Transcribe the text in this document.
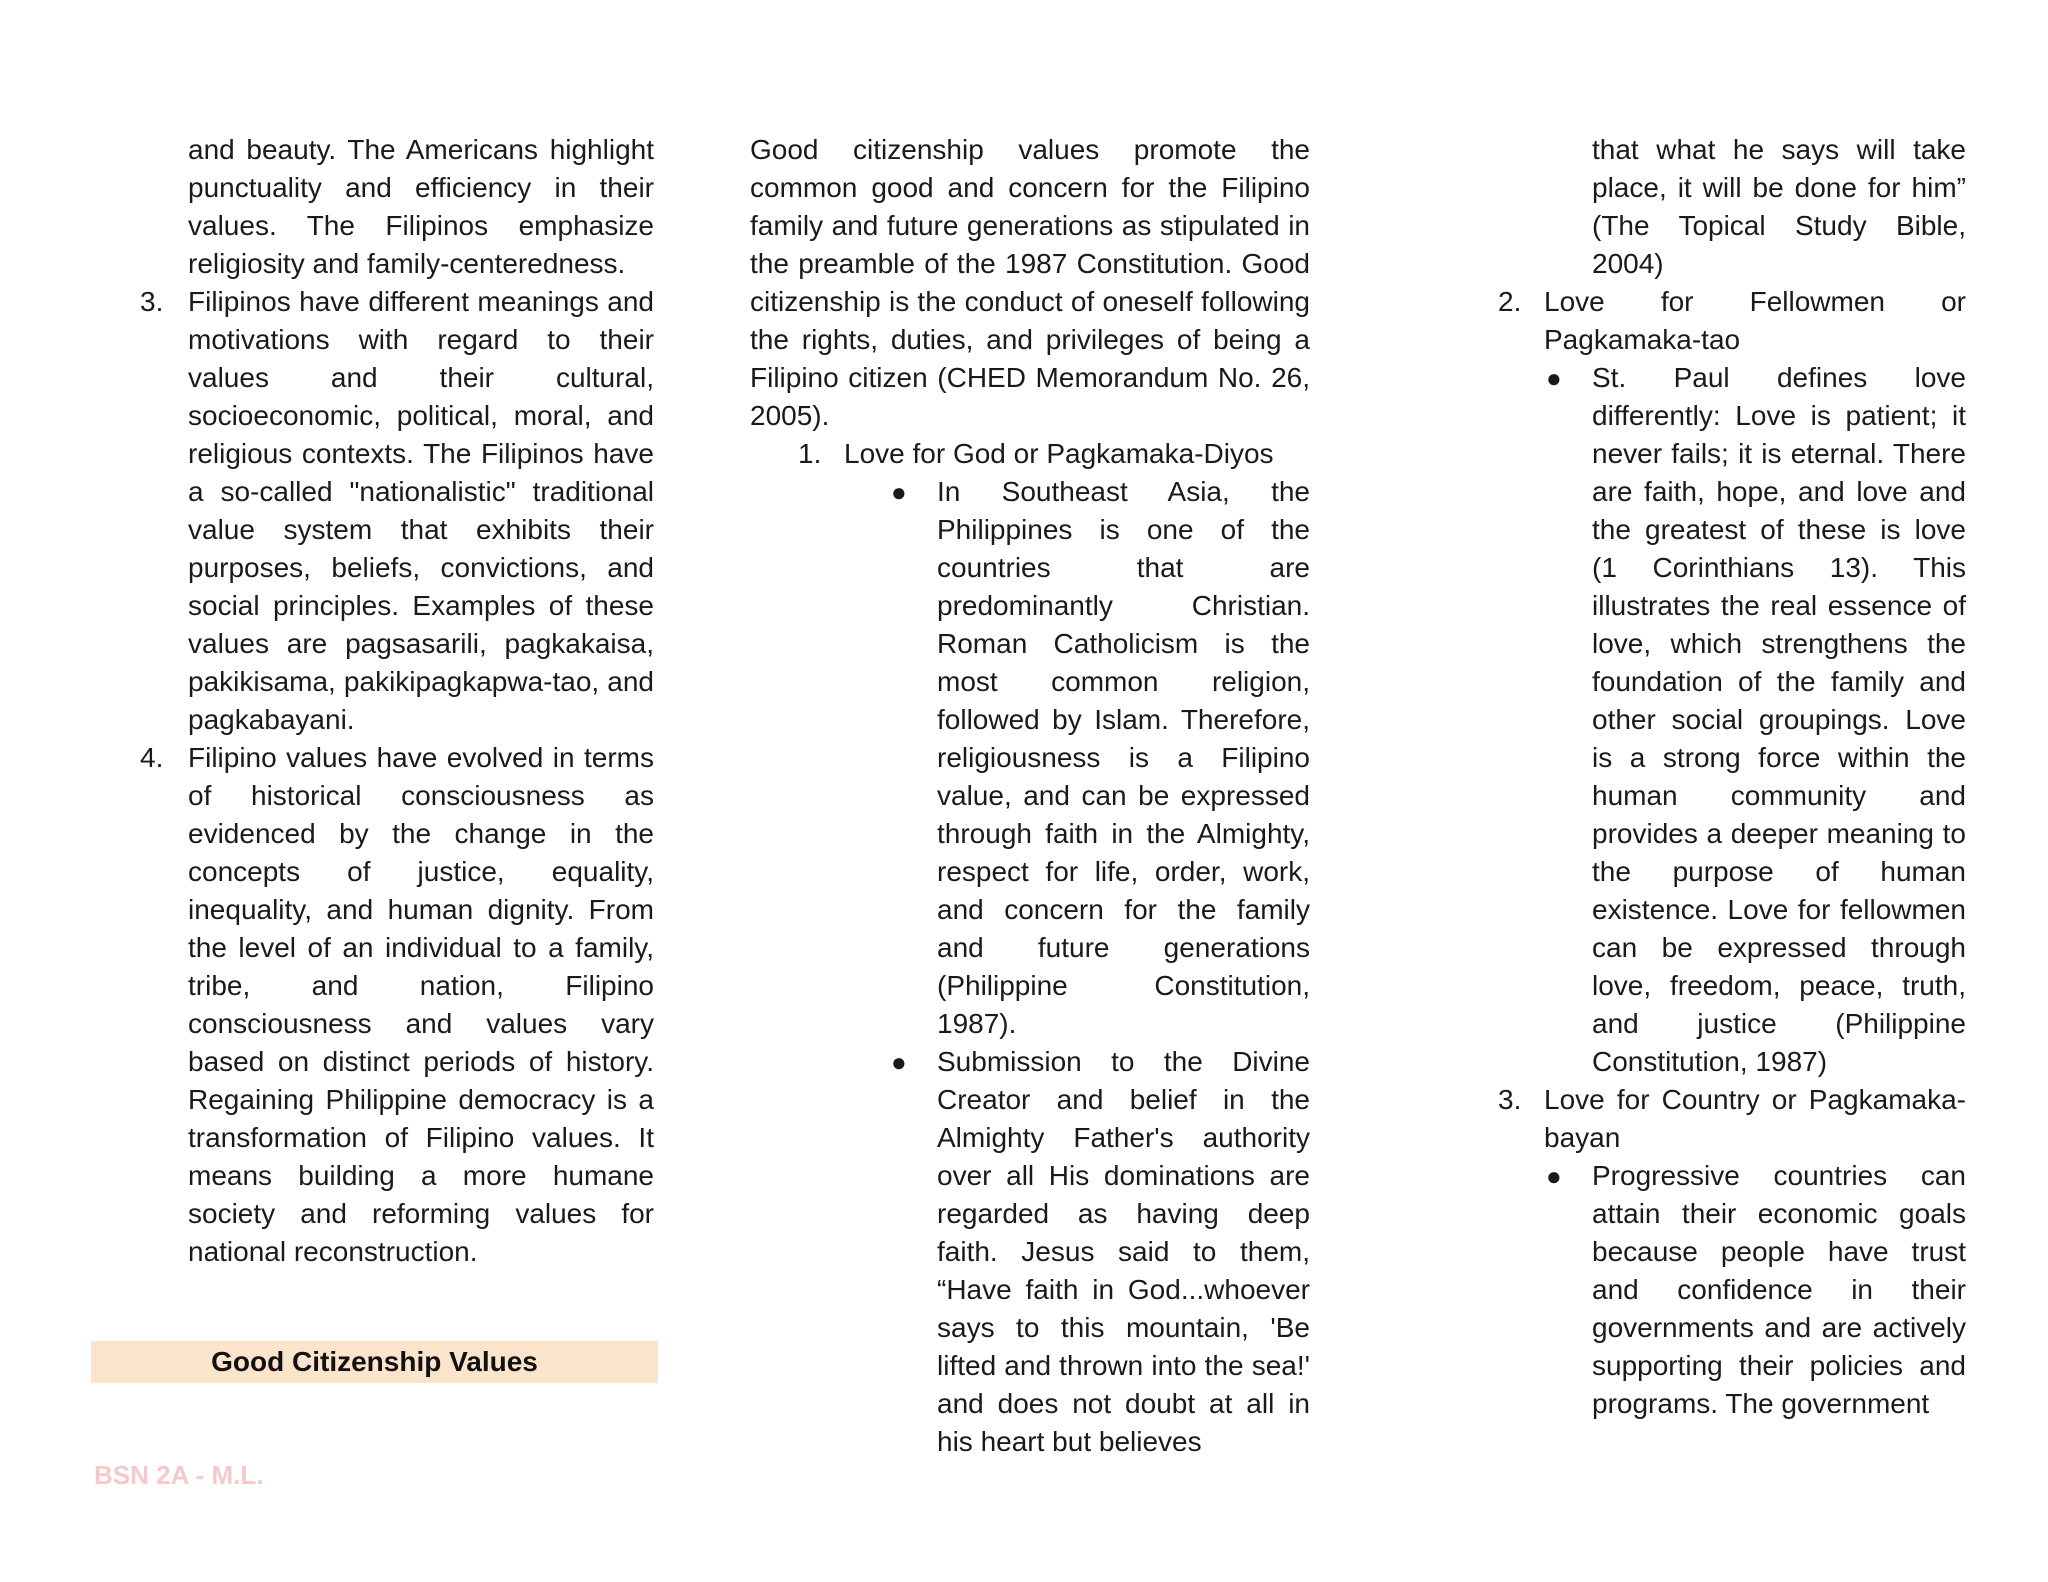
and beauty. The Americans highlight punctuality and efficiency in their values. The Filipinos emphasize religiosity and family-centeredness.

3. Filipinos have different meanings and motivations with regard to their values and their cultural, socioeconomic, political, moral, and religious contexts. The Filipinos have a so-called "nationalistic" traditional value system that exhibits their purposes, beliefs, convictions, and social principles. Examples of these values are pagsasarili, pagkakaisa, pakikisama, pakikipagkapwa-tao, and pagkabayani.

4. Filipino values have evolved in terms of historical consciousness as evidenced by the change in the concepts of justice, equality, inequality, and human dignity. From the level of an individual to a family, tribe, and nation, Filipino consciousness and values vary based on distinct periods of history. Regaining Philippine democracy is a transformation of Filipino values. It means building a more humane society and reforming values for national reconstruction.

Good Citizenship Values
BSN 2A - M.L.

Good citizenship values promote the common good and concern for the Filipino family and future generations as stipulated in the preamble of the 1987 Constitution. Good citizenship is the conduct of oneself following the rights, duties, and privileges of being a Filipino citizen (CHED Memorandum No. 26, 2005).

1. Love for God or Pagkamaka-Diyos

● In Southeast Asia, the Philippines is one of the countries that are predominantly Christian. Roman Catholicism is the most common religion, followed by Islam. Therefore, religiousness is a Filipino value, and can be expressed through faith in the Almighty, respect for life, order, work, and concern for the family and future generations (Philippine Constitution, 1987).

● Submission to the Divine Creator and belief in the Almighty Father's authority over all His dominations are regarded as having deep faith. Jesus said to them, “Have faith in God...whoever says to this mountain, 'Be lifted and thrown into the sea!' and does not doubt at all in his heart but believes

that what he says will take place, it will be done for him” (The Topical Study Bible, 2004)

2. Love for Fellowmen or Pagkamaka-tao

● St. Paul defines love differently: Love is patient; it never fails; it is eternal. There are faith, hope, and love and the greatest of these is love (1 Corinthians 13). This illustrates the real essence of love, which strengthens the foundation of the family and other social groupings. Love is a strong force within the human community and provides a deeper meaning to the purpose of human existence. Love for fellowmen can be expressed through love, freedom, peace, truth, and justice (Philippine Constitution, 1987)

3. Love for Country or Pagkamaka-bayan

● Progressive countries can attain their economic goals because people have trust and confidence in their governments and are actively supporting their policies and programs. The government
